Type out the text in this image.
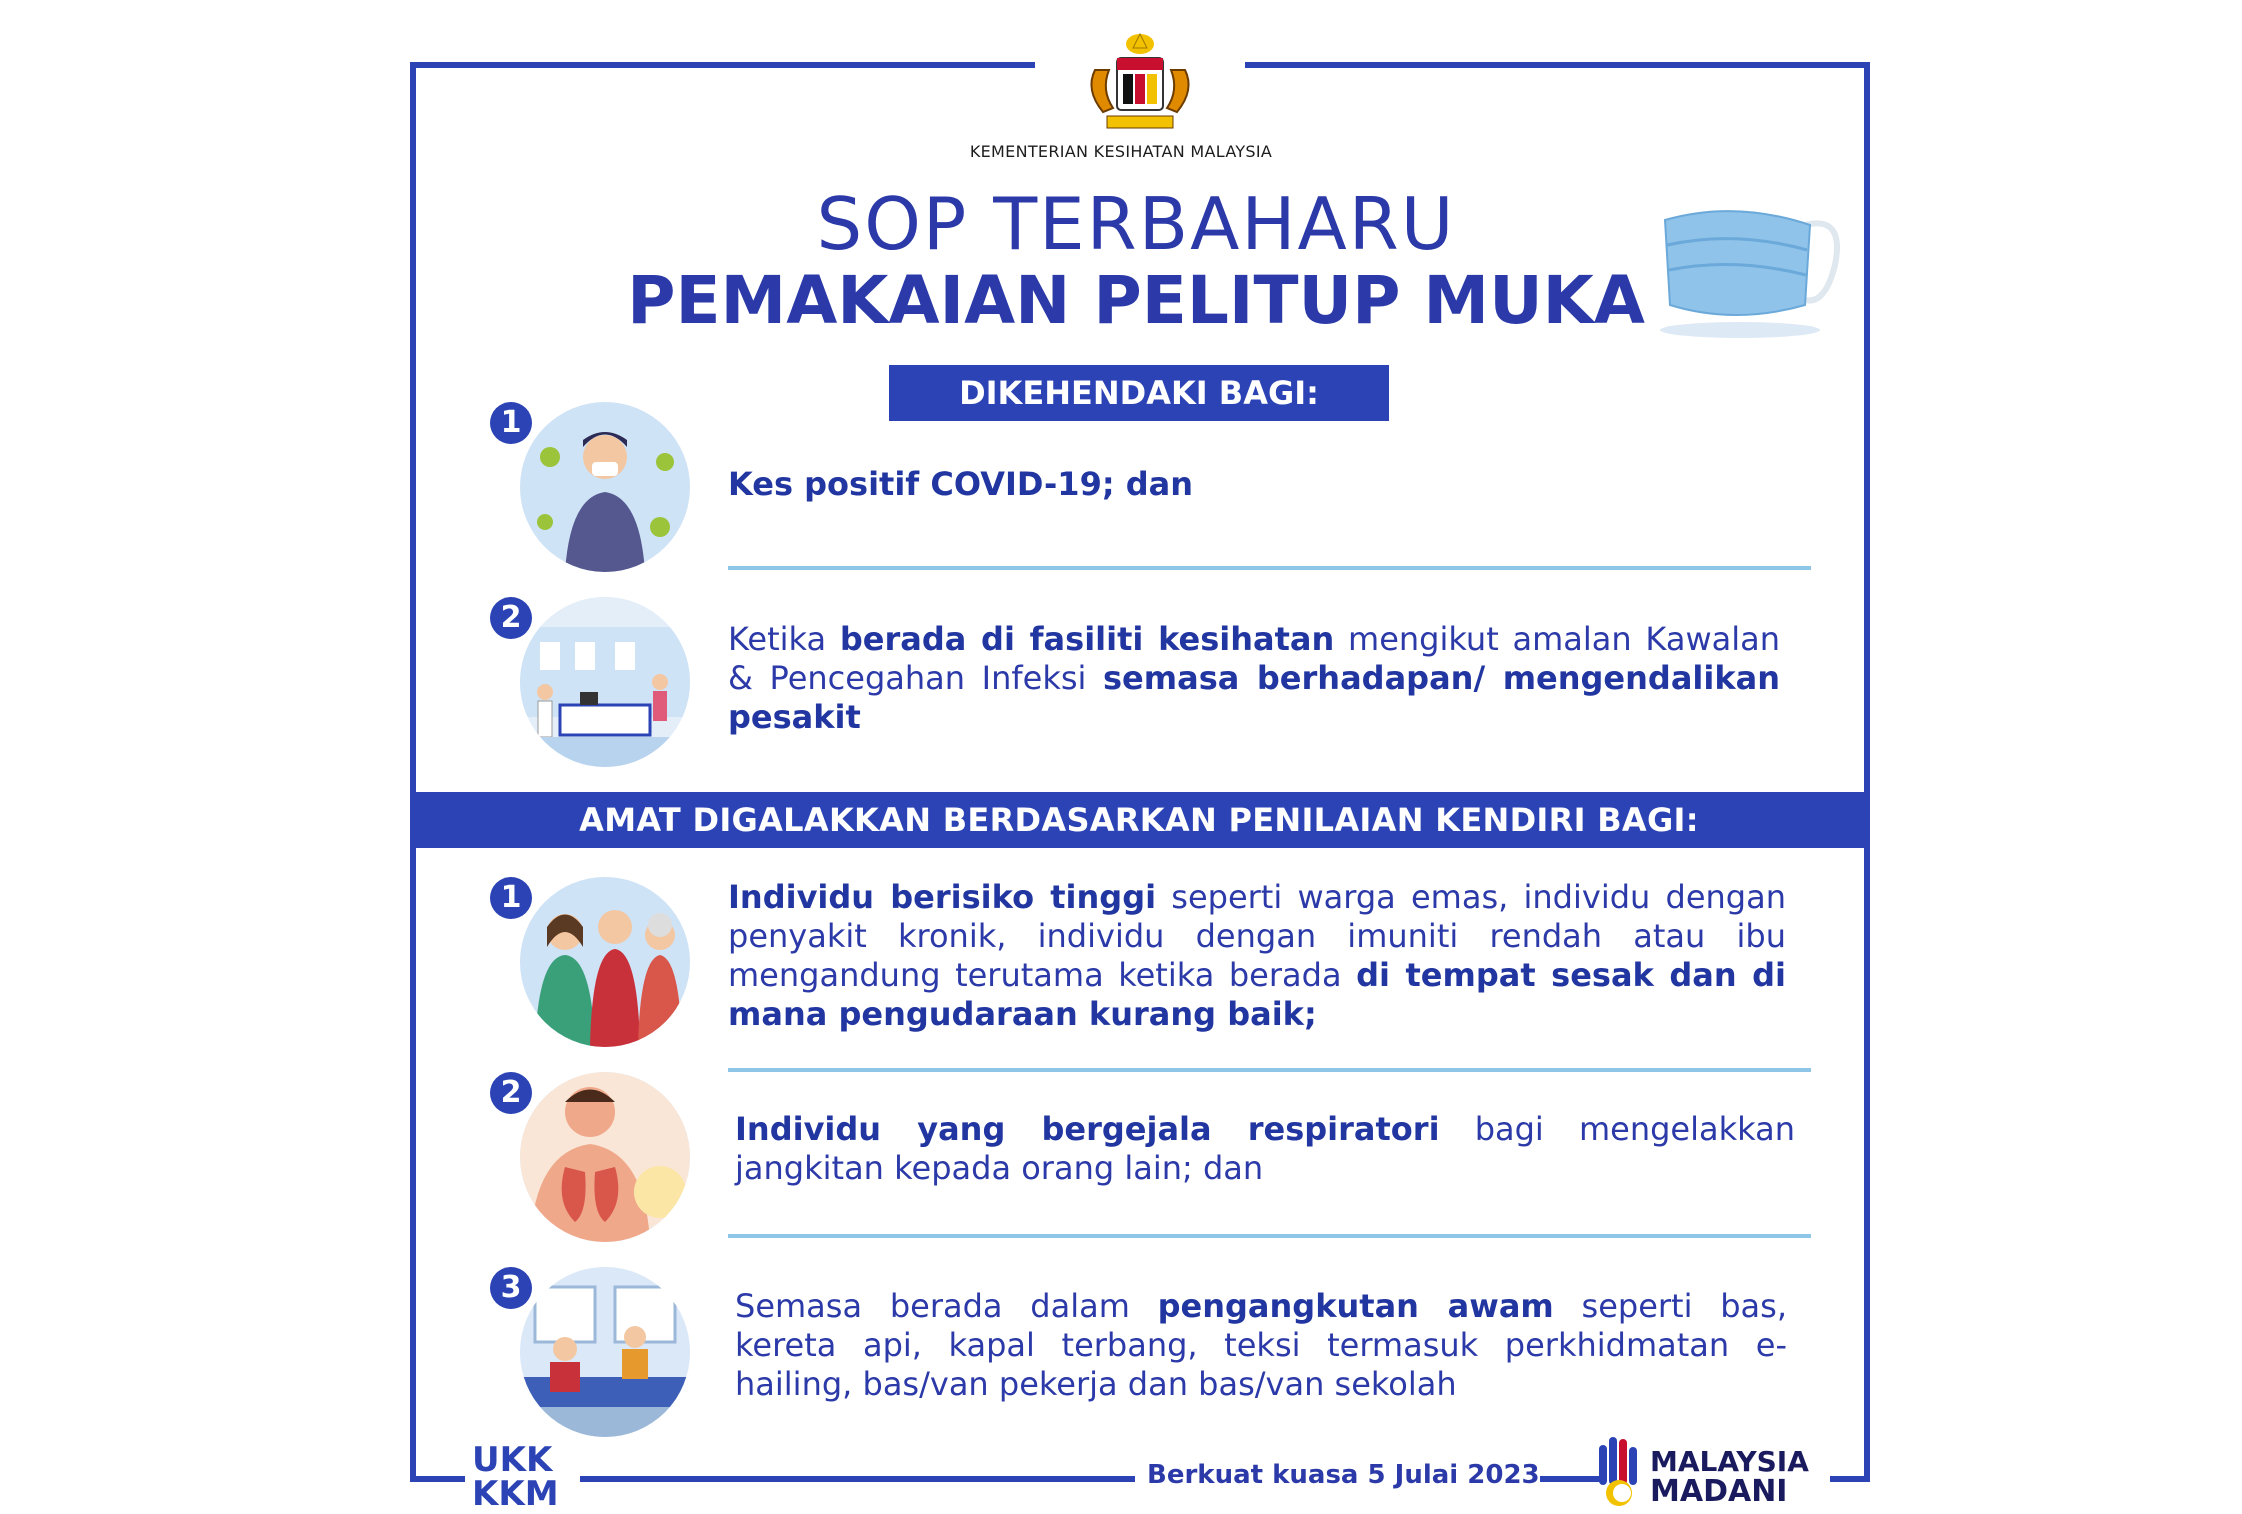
KEMENTERIAN KESIHATAN MALAYSIA
SOP TERBAHARU
PEMAKAIAN PELITUP MUKA
DIKEHENDAKI BAGI:
1
Kes positif COVID-19; dan
2
Ketika berada di fasiliti kesihatan mengikut amalan Kawalan & Pencegahan Infeksi semasa berhadapan/ mengendalikan pesakit
AMAT DIGALAKKAN BERDASARKAN PENILAIAN KENDIRI BAGI:
1	Individu berisiko tinggi seperti warga emas, individu dengan penyakit kronik, individu dengan imuniti rendah atau ibu mengandung terutama ketika berada di tempat sesak dan di mana pengudaraan kurang baik;
2
Individu yang bergejala respiratori bagi mengelakkan jangkitan kepada orang lain; dan
3	Semasa berada dalam pengangkutan awam seperti bas, kereta api, kapal terbang, teksi termasuk perkhidmatan e-hailing, bas/van pekerja dan bas/van sekolah
UKK
KKM	Berkuat kuasa 5 Julai 2023	MALAYSIA
MADANI
